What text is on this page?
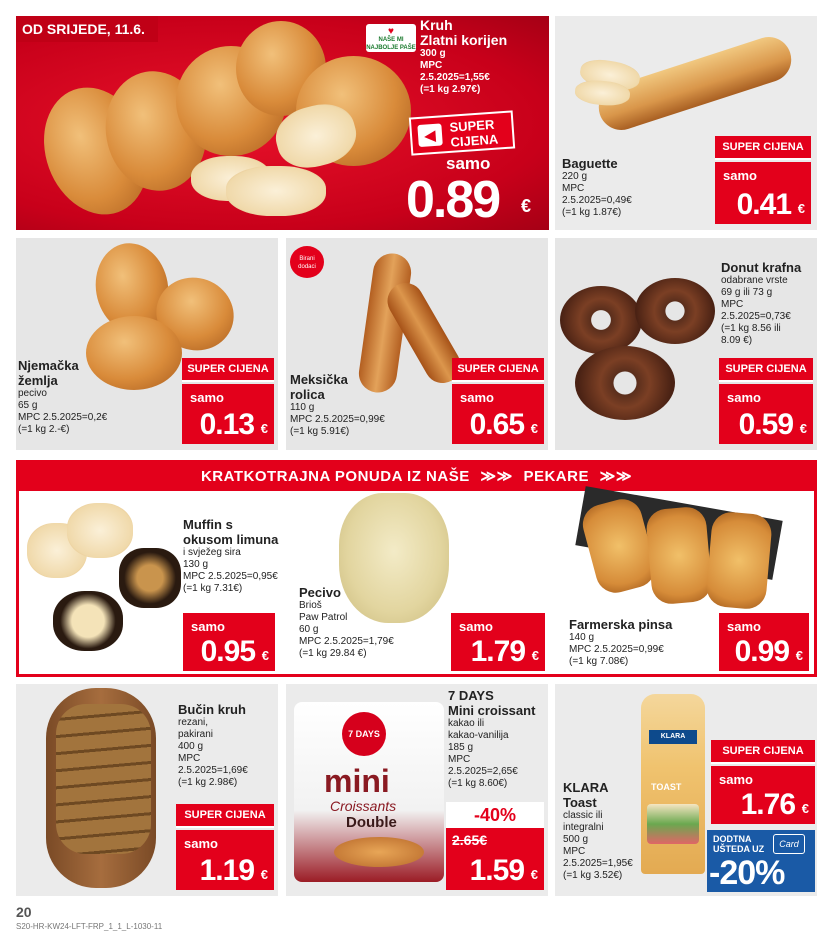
OD SRIJEDE, 11.6.	♥
NAŠE MI
NAJBOLJE PAŠE
Kruh
Zlatni korijen
300 g
MPC
2.5.2025=1,55€
(=1 kg 2.97€)
◀
SUPER
CIJENA
samo
0.89 €
Baguette
220 g
MPC
2.5.2025=0,49€
(=1 kg 1.87€)
SUPER CIJENA
samo
0.41 €
Njemačka
žemlja
pecivo
65 g
MPC 2.5.2025=0,2€
(=1 kg 2.-€)
SUPER CIJENA
samo
0.13 €
Birani dodaci
Meksička
rolica
110 g
MPC 2.5.2025=0,99€
(=1 kg 5.91€)
SUPER CIJENA
samo
0.65 €
Donut krafna
odabrane vrste
69 g ili 73 g
MPC
2.5.2025=0,73€
(=1 kg 8.56 ili
8.09 €)
SUPER CIJENA
samo
0.59 €
KRATKOTRAJNA PONUDA IZ NAŠE ≫≫ PEKARE ≫≫
Muffin s
okusom limuna
i svježeg sira
130 g
MPC 2.5.2025=0,95€
(=1 kg 7.31€)
samo
0.95 €
Pecivo
Brioš
Paw Patrol
60 g
MPC 2.5.2025=1,79€
(=1 kg 29.84 €)
samo
1.79 €
Farmerska pinsa
140 g
MPC 2.5.2025=0,99€
(=1 kg 7.08€)
samo
0.99 €
Bučin kruh
rezani,
pakirani
400 g
MPC
2.5.2025=1,69€
(=1 kg 2.98€)
SUPER CIJENA
samo
1.19 €
7 DAYS
mini
Croissants
Double
7 DAYS
Mini croissant
kakao ili
kakao-vanilija
185 g
MPC
2.5.2025=2,65€
(=1 kg 8.60€)
-40%
2.65€
1.59 €
KLARA
TOAST
SUPER CIJENA
samo
1.76 €
KLARA
Toast
classic ili
integralni
500 g
MPC
2.5.2025=1,95€
(=1 kg 3.52€)
DODTNA
UŠTEDA UZ	Card
-20%
20
S20-HR-KW24-LFT-FRP_1_1_L-1030-11
